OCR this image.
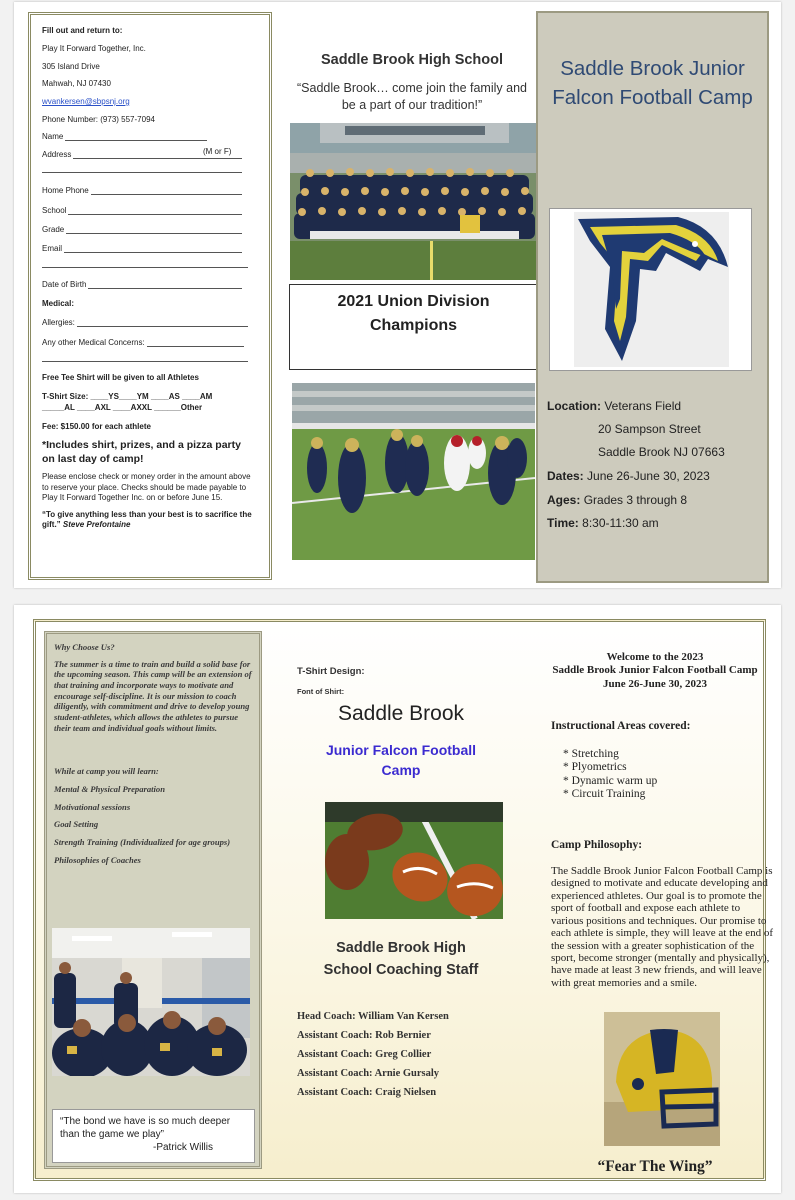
Fill out and return to:
Play It Forward Together, Inc.
305 Island Drive
Mahwah, NJ 07430
wvankersen@sbpsnj.org
Phone Number: (973) 557-7094
Name
(M or F)
Address
Home Phone
School
Grade
Email
Date of Birth
Medical:
Allergies:
Any other Medical Concerns:
Free Tee Shirt will be given to all Athletes
T-Shirt Size: ____YS____YM ____AS ____AM
_____AL ____AXL ____AXXL ______Other
Fee: $150.00 for each athlete
*Includes shirt, prizes, and a pizza party on last day of camp!
Please enclose check or money order in the amount above to reserve your place. Checks should be made payable to Play It Forward Together Inc. on or before June 15.
“To give anything less than your best is to sacrifice the gift.” Steve Prefontaine
Saddle Brook High School
“Saddle Brook… come join the family and be a part of our tradition!”
2021 Union Division
Champions
Saddle Brook Junior Falcon Football Camp
Location: Veterans Field
20 Sampson Street
Saddle Brook NJ 07663
Dates: June 26-June 30, 2023
Ages: Grades 3 through 8
Time: 8:30-11:30 am
Why Choose Us?
The summer is a time to train and build a solid base for the upcoming season. This camp will be an extension of that training and incorporate ways to motivate and encourage self-discipline. It is our mission to coach diligently, with commitment and drive to develop young student-athletes, which allows the athletes to pursue their team and individual goals without limits.
While at camp you will learn:
Mental & Physical Preparation
Motivational sessions
Goal Setting
Strength Training (Individualized for age groups)
Philosophies of Coaches
“The bond we have is so much deeper than the game we play”
-Patrick Willis
T-Shirt Design:
Font of Shirt:
Saddle Brook
Junior Falcon Football Camp
Saddle Brook High School Coaching Staff
Head Coach: William Van Kersen
Assistant Coach: Rob Bernier
Assistant Coach: Greg Collier
Assistant Coach: Arnie Gursaly
Assistant Coach: Craig Nielsen
Welcome to the 2023
Saddle Brook Junior Falcon Football Camp
June 26-June 30, 2023
Instructional Areas covered:
* Stretching
* Plyometrics
* Dynamic warm up
* Circuit Training
Camp Philosophy:
The Saddle Brook Junior Falcon Football Camp is designed to motivate and educate developing and experienced athletes. Our goal is to promote the sport of football and expose each athlete to various positions and techniques. Our promise to each athlete is simple, they will leave at the end of the session with a greater sophistication of the sport, become stronger (mentally and physically), have made at least 3 new friends, and will leave with great memories and a smile.
“Fear The Wing”
